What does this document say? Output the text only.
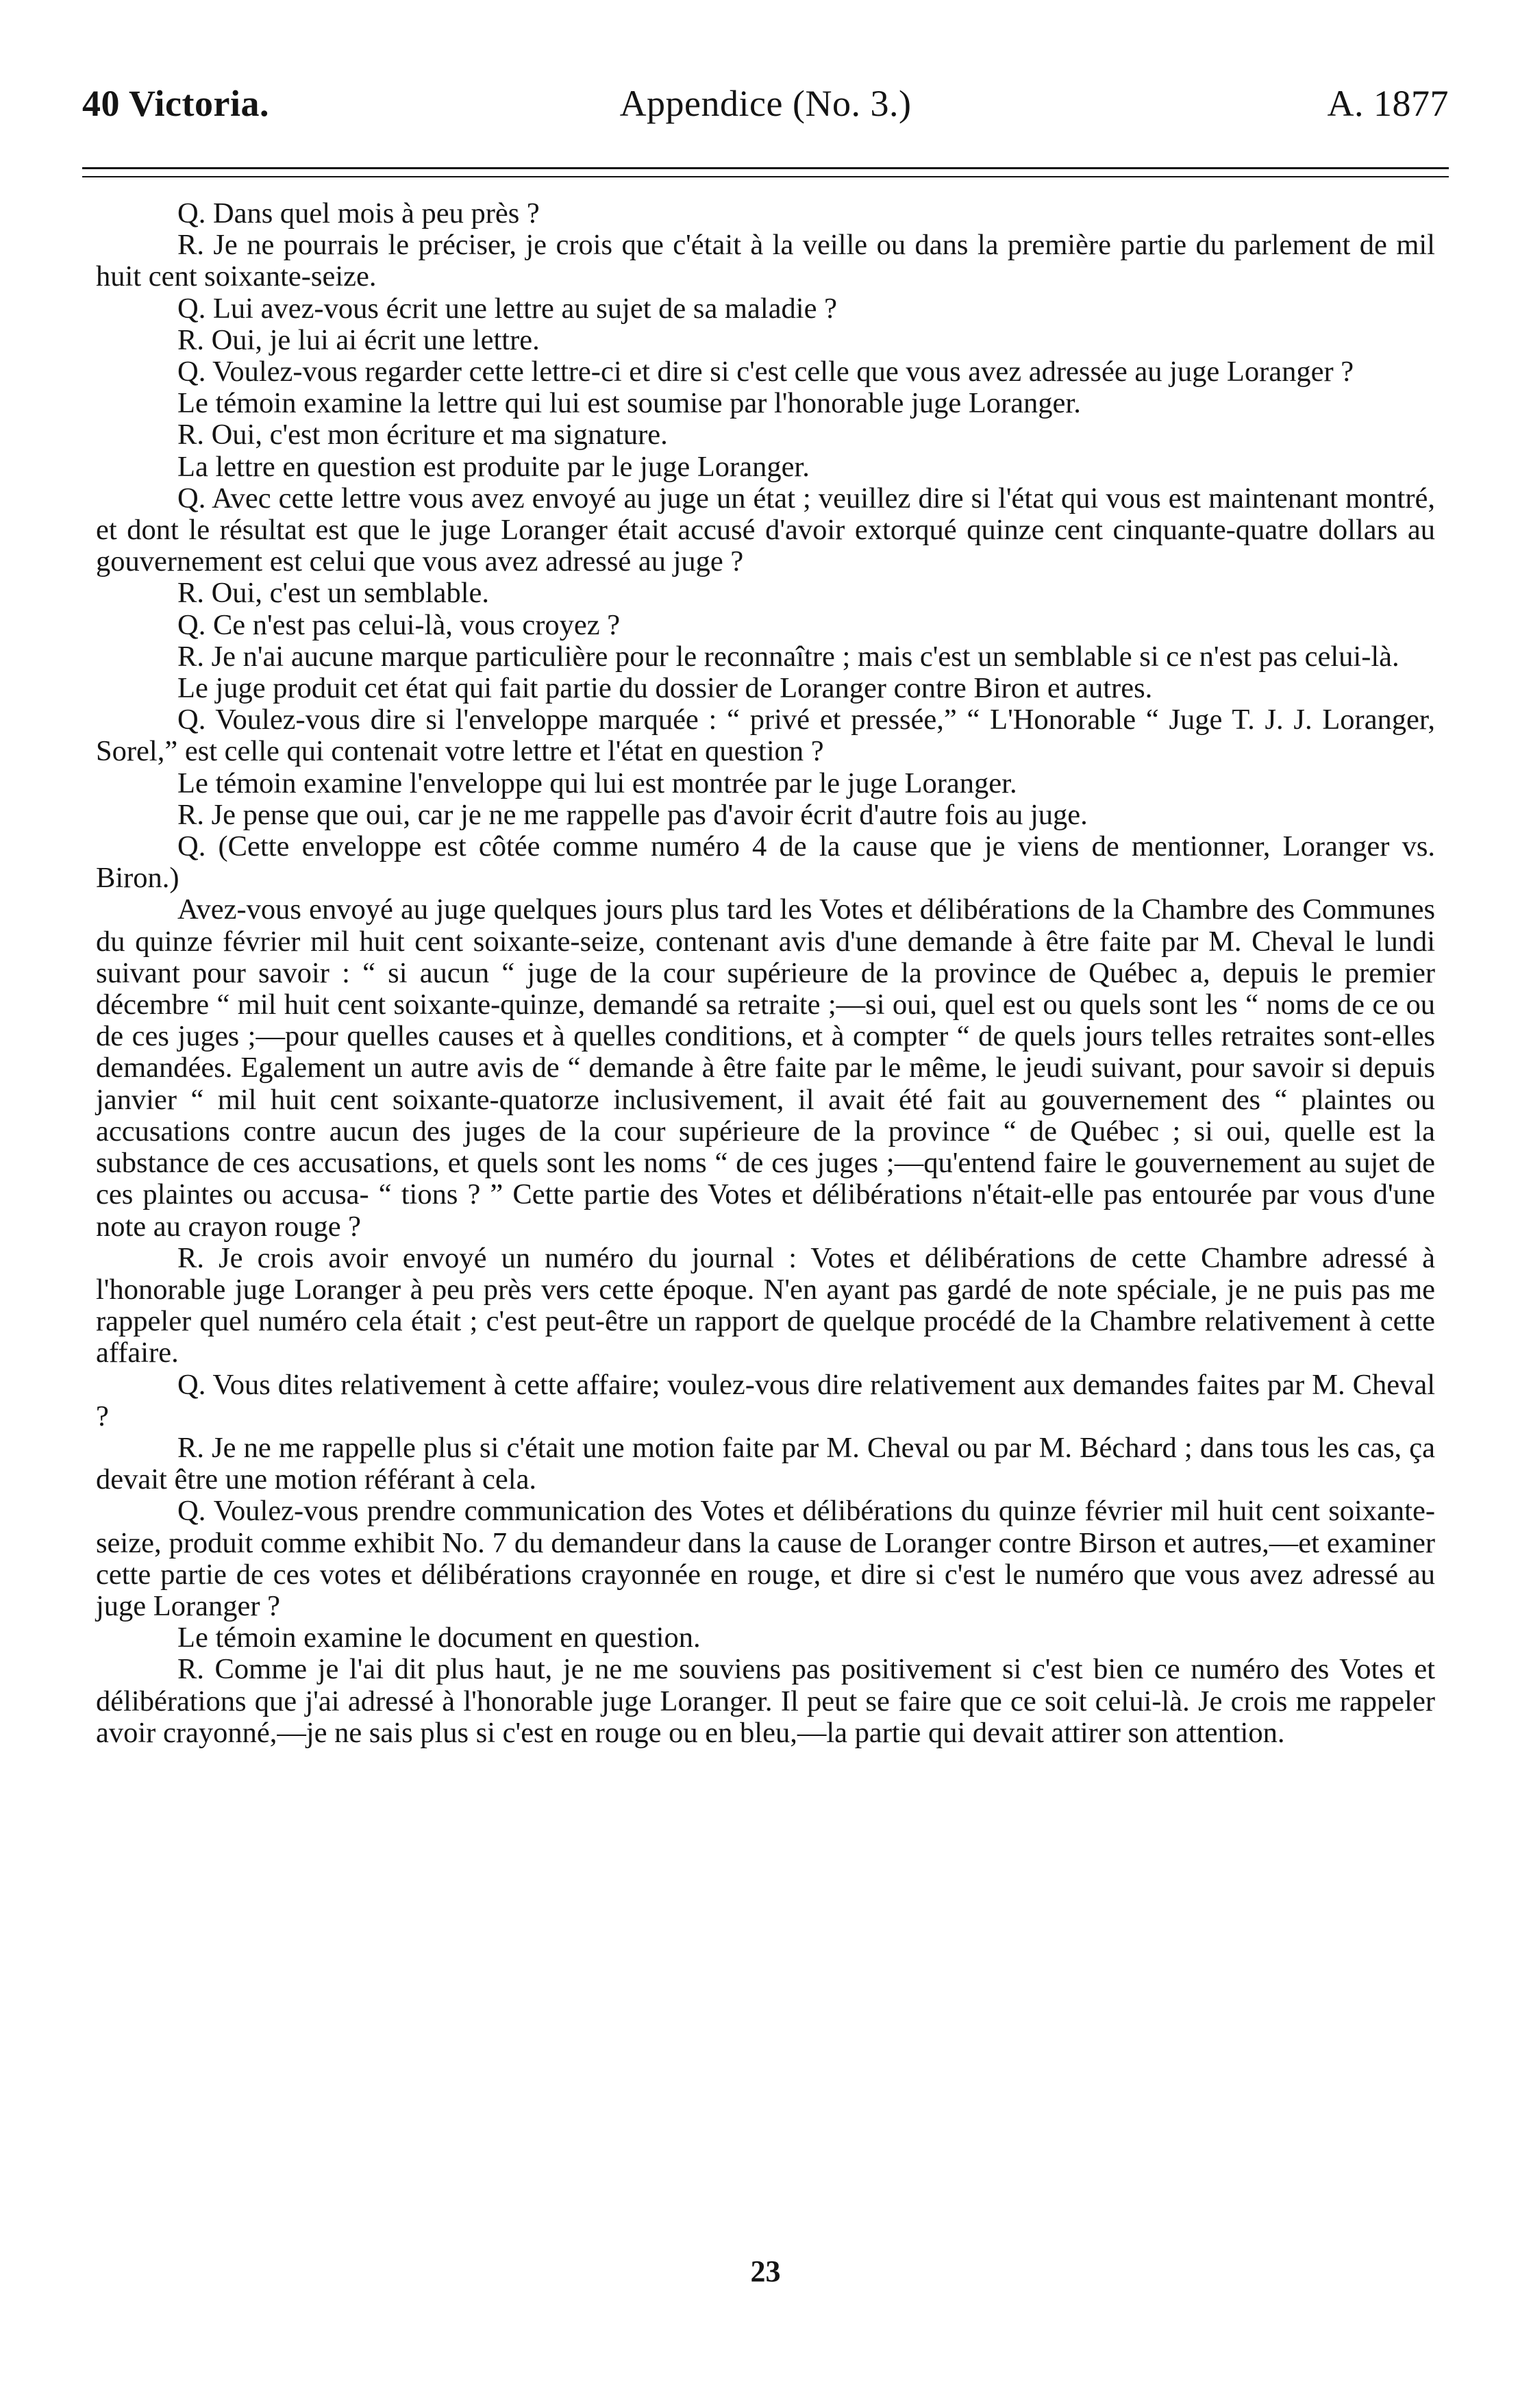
40 Victoria.	Appendice (No. 3.)	A. 1877

Q. Dans quel mois à peu près ?

R. Je ne pourrais le préciser, je crois que c'était à la veille ou dans la première partie du parlement de mil huit cent soixante-seize.

Q. Lui avez-vous écrit une lettre au sujet de sa maladie ?

R. Oui, je lui ai écrit une lettre.

Q. Voulez-vous regarder cette lettre-ci et dire si c'est celle que vous avez adressée au juge Loranger ?

Le témoin examine la lettre qui lui est soumise par l'honorable juge Loranger.

R. Oui, c'est mon écriture et ma signature.

La lettre en question est produite par le juge Loranger.

Q. Avec cette lettre vous avez envoyé au juge un état ; veuillez dire si l'état qui vous est maintenant montré, et dont le résultat est que le juge Loranger était accusé d'avoir extorqué quinze cent cinquante-quatre dollars au gouvernement est celui que vous avez adressé au juge ?

R. Oui, c'est un semblable.

Q. Ce n'est pas celui-là, vous croyez ?

R. Je n'ai aucune marque particulière pour le reconnaître ; mais c'est un semblable si ce n'est pas celui-là.

Le juge produit cet état qui fait partie du dossier de Loranger contre Biron et autres.

Q. Voulez-vous dire si l'enveloppe marquée : “ privé et pressée,” “ L'Honorable “ Juge T. J. J. Loranger, Sorel,” est celle qui contenait votre lettre et l'état en question ?

Le témoin examine l'enveloppe qui lui est montrée par le juge Loranger.

R. Je pense que oui, car je ne me rappelle pas d'avoir écrit d'autre fois au juge.

Q. (Cette enveloppe est côtée comme numéro 4 de la cause que je viens de mentionner, Loranger vs. Biron.)

Avez-vous envoyé au juge quelques jours plus tard les Votes et délibérations de la Chambre des Communes du quinze février mil huit cent soixante-seize, contenant avis d'une demande à être faite par M. Cheval le lundi suivant pour savoir : “ si aucun “ juge de la cour supérieure de la province de Québec a, depuis le premier décembre “ mil huit cent soixante-quinze, demandé sa retraite ;—si oui, quel est ou quels sont les “ noms de ce ou de ces juges ;—pour quelles causes et à quelles conditions, et à compter “ de quels jours telles retraites sont-elles demandées. Egalement un autre avis de “ demande à être faite par le même, le jeudi suivant, pour savoir si depuis janvier “ mil huit cent soixante-quatorze inclusivement, il avait été fait au gouvernement des “ plaintes ou accusations contre aucun des juges de la cour supérieure de la province “ de Québec ; si oui, quelle est la substance de ces accusations, et quels sont les noms “ de ces juges ;—qu'entend faire le gouvernement au sujet de ces plaintes ou accusa- “ tions ? ” Cette partie des Votes et délibérations n'était-elle pas entourée par vous d'une note au crayon rouge ?

R. Je crois avoir envoyé un numéro du journal : Votes et délibérations de cette Chambre adressé à l'honorable juge Loranger à peu près vers cette époque. N'en ayant pas gardé de note spéciale, je ne puis pas me rappeler quel numéro cela était ; c'est peut-être un rapport de quelque procédé de la Chambre relativement à cette affaire.

Q. Vous dites relativement à cette affaire; voulez-vous dire relativement aux demandes faites par M. Cheval ?

R. Je ne me rappelle plus si c'était une motion faite par M. Cheval ou par M. Béchard ; dans tous les cas, ça devait être une motion référant à cela.

Q. Voulez-vous prendre communication des Votes et délibérations du quinze février mil huit cent soixante-seize, produit comme exhibit No. 7 du demandeur dans la cause de Loranger contre Birson et autres,—et examiner cette partie de ces votes et délibérations crayonnée en rouge, et dire si c'est le numéro que vous avez adressé au juge Loranger ?

Le témoin examine le document en question.

R. Comme je l'ai dit plus haut, je ne me souviens pas positivement si c'est bien ce numéro des Votes et délibérations que j'ai adressé à l'honorable juge Loranger. Il peut se faire que ce soit celui-là. Je crois me rappeler avoir crayonné,—je ne sais plus si c'est en rouge ou en bleu,—la partie qui devait attirer son attention.

23
